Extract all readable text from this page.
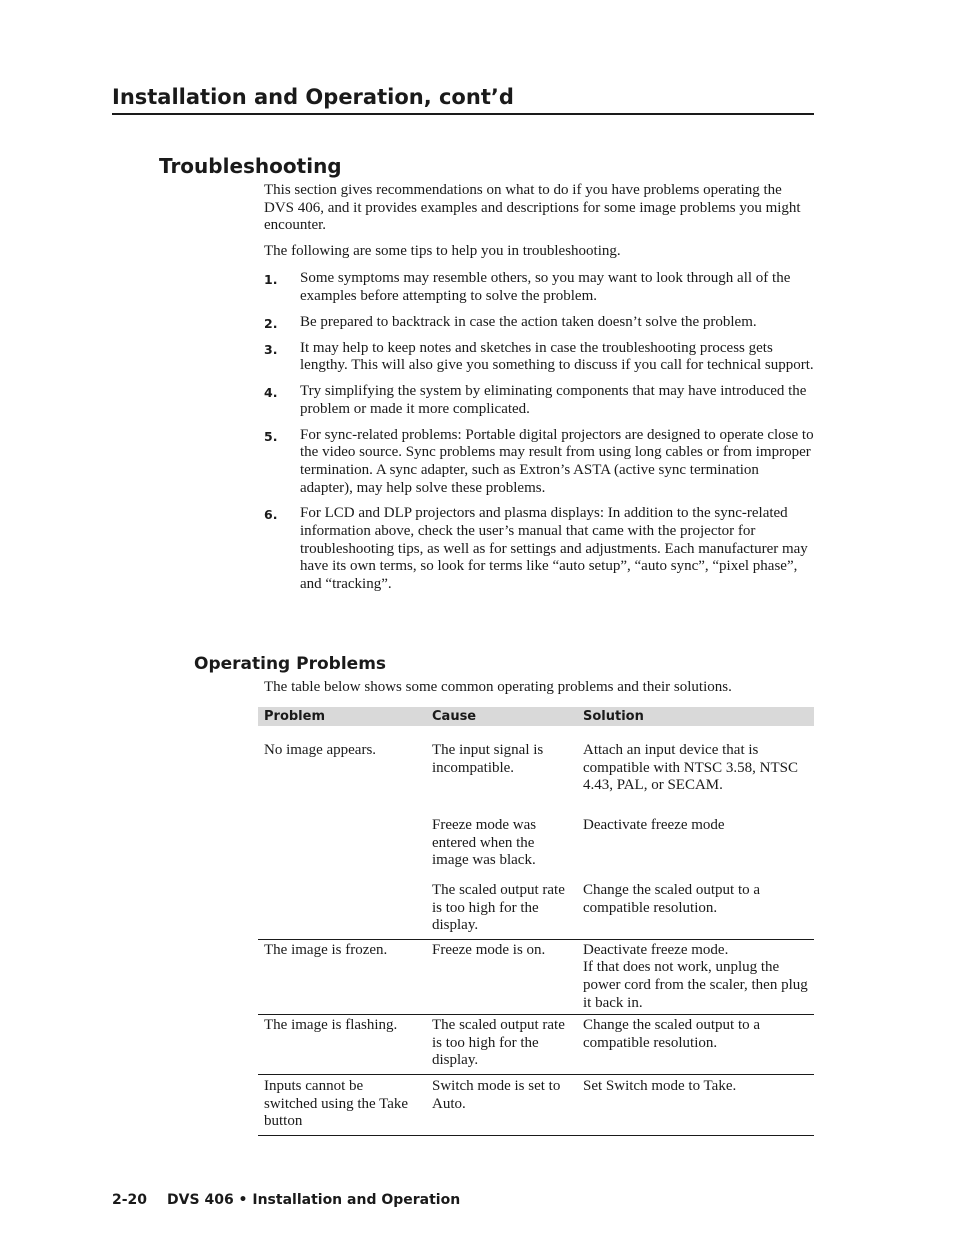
Installation and Operation, cont’d
Troubleshooting

This section gives recommendations on what to do if you have problems operating the DVS 406, and it provides examples and descriptions for some image problems you might encounter.

The following are some tips to help you in troubleshooting.

1. Some symptoms may resemble others, so you may want to look through all of the examples before attempting to solve the problem.
2. Be prepared to backtrack in case the action taken doesn’t solve the problem.
3. It may help to keep notes and sketches in case the troubleshooting process gets lengthy. This will also give you something to discuss if you call for technical support.
4. Try simplifying the system by eliminating components that may have introduced the problem or made it more complicated.
5. For sync-related problems: Portable digital projectors are designed to operate close to the video source. Sync problems may result from using long cables or from improper termination. A sync adapter, such as Extron’s ASTA (active sync termination adapter), may help solve these problems.
6. For LCD and DLP projectors and plasma displays: In addition to the sync-related information above, check the user’s manual that came with the projector for troubleshooting tips, as well as for settings and adjustments. Each manufacturer may have its own terms, so look for terms like “auto setup”, “auto sync”, “pixel phase”, and “tracking”.
Operating Problems

The table below shows some common operating problems and their solutions.

Problem	Cause	Solution
No image appears.	The input signal is incompatible.	Attach an input device that is compatible with NTSC 3.58, NTSC 4.43, PAL, or SECAM.
	Freeze mode was entered when the image was black.	Deactivate freeze mode
	The scaled output rate is too high for the display.	Change the scaled output to a compatible resolution.
The image is frozen.	Freeze mode is on.	Deactivate freeze mode.
If that does not work, unplug the power cord from the scaler, then plug it back in.

The image is flashing.	The scaled output rate is too high for the display.	Change the scaled output to a compatible resolution.
Inputs cannot be switched using the Take button	Switch mode is set to Auto.	Set Switch mode to Take.
2-20 DVS 406 • Installation and Operation
